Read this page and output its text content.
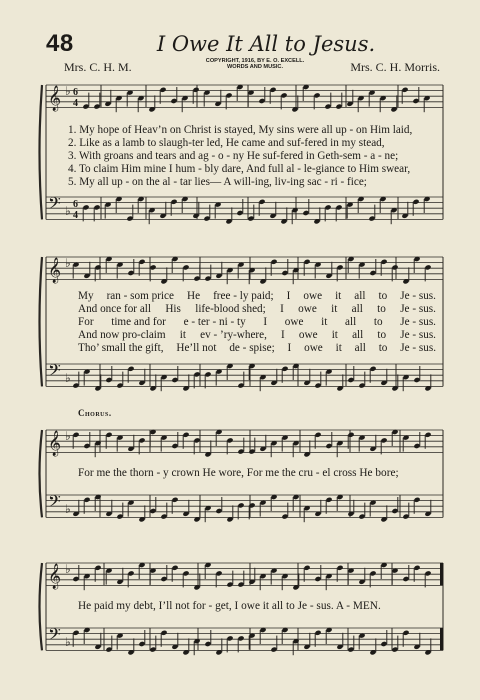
48	I Owe It All to Jesus.
Mrs. C. H. M.	COPYRIGHT, 1916, BY E. O. EXCELL.
WORDS AND MUSIC.	Mrs. C. H. Morris.
𝄞 ♭
𝄢 ♭
6
4
6
4
𝄞 ♭
𝄢 ♭
𝄞 ♭
𝄢 ♭
𝄞 ♭
𝄢 ♭
1. My hope of Heav’n on Christ is stayed, My sins were all up - on Him laid,
2. Like as a lamb to slaugh-ter led, He came and suf-fered in my stead,
3. With groans and tears and ag - o - ny He suf-fered in Geth-sem - a - ne;
4. To claim Him mine I hum - bly dare, And full al - le-giance to Him swear,
5. My all up - on the al - tar lies— A will-ing, liv-ing sac - ri - fice;
My ran - som price He free - ly paid; I owe it all to Je - sus.
And once for all His life-blood shed; I owe it all to Je - sus.
For time and for e - ter - ni - ty I owe it all to Je - sus.
And now pro-claim it ev - ’ry-where, I owe it all to Je - sus.
Tho’ small the gift, He’ll not de - spise; I owe it all to Je - sus.
Chorus.
For me the thorn - y crown He wore, For me the cru - el cross He bore;
He paid my debt, I’ll not for - get, I owe it all to Je - sus. A - MEN.
